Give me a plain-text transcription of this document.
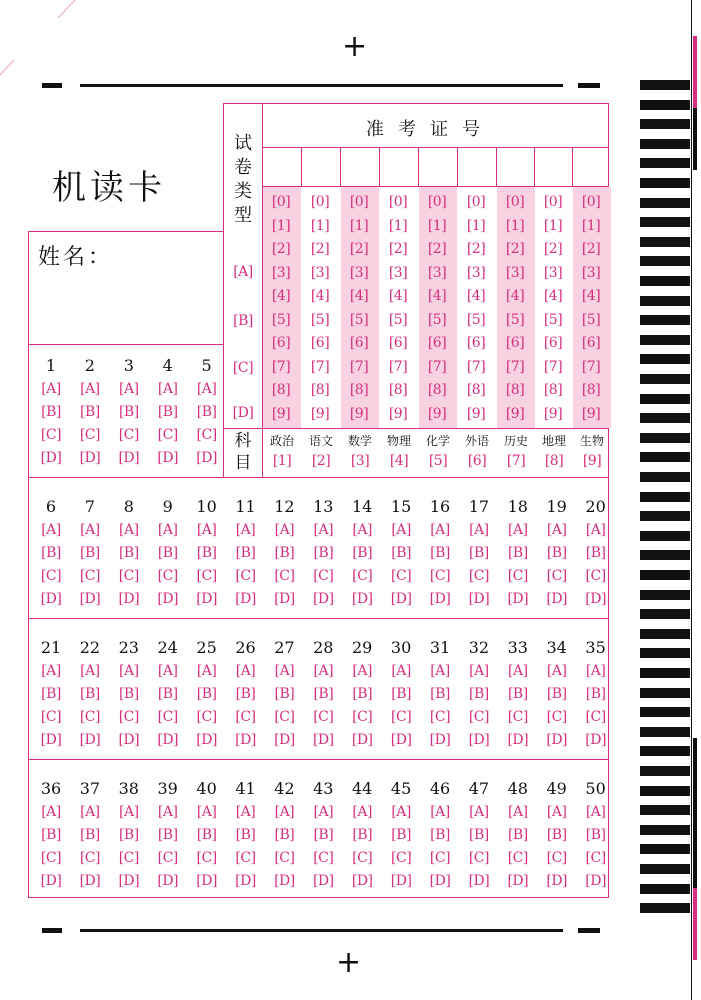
+
+
机读卡	[0]
[1]
[2]
[3]
[4]
[5]
[6]
[7]
[8]
[9]
[0]
[1]
[2]
[3]
[4]
[5]
[6]
[7]
[8]
[9]
[0]
[1]
[2]
[3]
[4]
[5]
[6]
[7]
[8]
[9]
[0]
[1]
[2]
[3]
[4]
[5]
[6]
[7]
[8]
[9]
[0]
[1]
[2]
[3]
[4]
[5]
[6]
[7]
[8]
[9]
[0]
[1]
[2]
[3]
[4]
[5]
[6]
[7]
[8]
[9]
[0]
[1]
[2]
[3]
[4]
[5]
[6]
[7]
[8]
[9]
[0]
[1]
[2]
[3]
[4]
[5]
[6]
[7]
[8]
[9]
[0]
[1]
[2]
[3]
[4]
[5]
[6]
[7]
[8]
[9]
姓名：
试
卷
类
型
[A]
[B]
[C]
[D]
准考证号
科
目
政治
[1]
语文
[2]
数学
[3]
物理
[4]
化学
[5]
外语
[6]
历史
[7]
地理
[8]
生物
[9]
1
[A]
[B]
[C]
[D]
2
[A]
[B]
[C]
[D]
3
[A]
[B]
[C]
[D]
4
[A]
[B]
[C]
[D]
5
[A]
[B]
[C]
[D]
6
[A]
[B]
[C]
[D]
7
[A]
[B]
[C]
[D]
8
[A]
[B]
[C]
[D]
9
[A]
[B]
[C]
[D]
10
[A]
[B]
[C]
[D]
11
[A]
[B]
[C]
[D]
12
[A]
[B]
[C]
[D]
13
[A]
[B]
[C]
[D]
14
[A]
[B]
[C]
[D]
15
[A]
[B]
[C]
[D]
16
[A]
[B]
[C]
[D]
17
[A]
[B]
[C]
[D]
18
[A]
[B]
[C]
[D]
19
[A]
[B]
[C]
[D]
20
[A]
[B]
[C]
[D]
21
[A]
[B]
[C]
[D]
22
[A]
[B]
[C]
[D]
23
[A]
[B]
[C]
[D]
24
[A]
[B]
[C]
[D]
25
[A]
[B]
[C]
[D]
26
[A]
[B]
[C]
[D]
27
[A]
[B]
[C]
[D]
28
[A]
[B]
[C]
[D]
29
[A]
[B]
[C]
[D]
30
[A]
[B]
[C]
[D]
31
[A]
[B]
[C]
[D]
32
[A]
[B]
[C]
[D]
33
[A]
[B]
[C]
[D]
34
[A]
[B]
[C]
[D]
35
[A]
[B]
[C]
[D]
36
[A]
[B]
[C]
[D]
37
[A]
[B]
[C]
[D]
38
[A]
[B]
[C]
[D]
39
[A]
[B]
[C]
[D]
40
[A]
[B]
[C]
[D]
41
[A]
[B]
[C]
[D]
42
[A]
[B]
[C]
[D]
43
[A]
[B]
[C]
[D]
44
[A]
[B]
[C]
[D]
45
[A]
[B]
[C]
[D]
46
[A]
[B]
[C]
[D]
47
[A]
[B]
[C]
[D]
48
[A]
[B]
[C]
[D]
49
[A]
[B]
[C]
[D]
50
[A]
[B]
[C]
[D]
